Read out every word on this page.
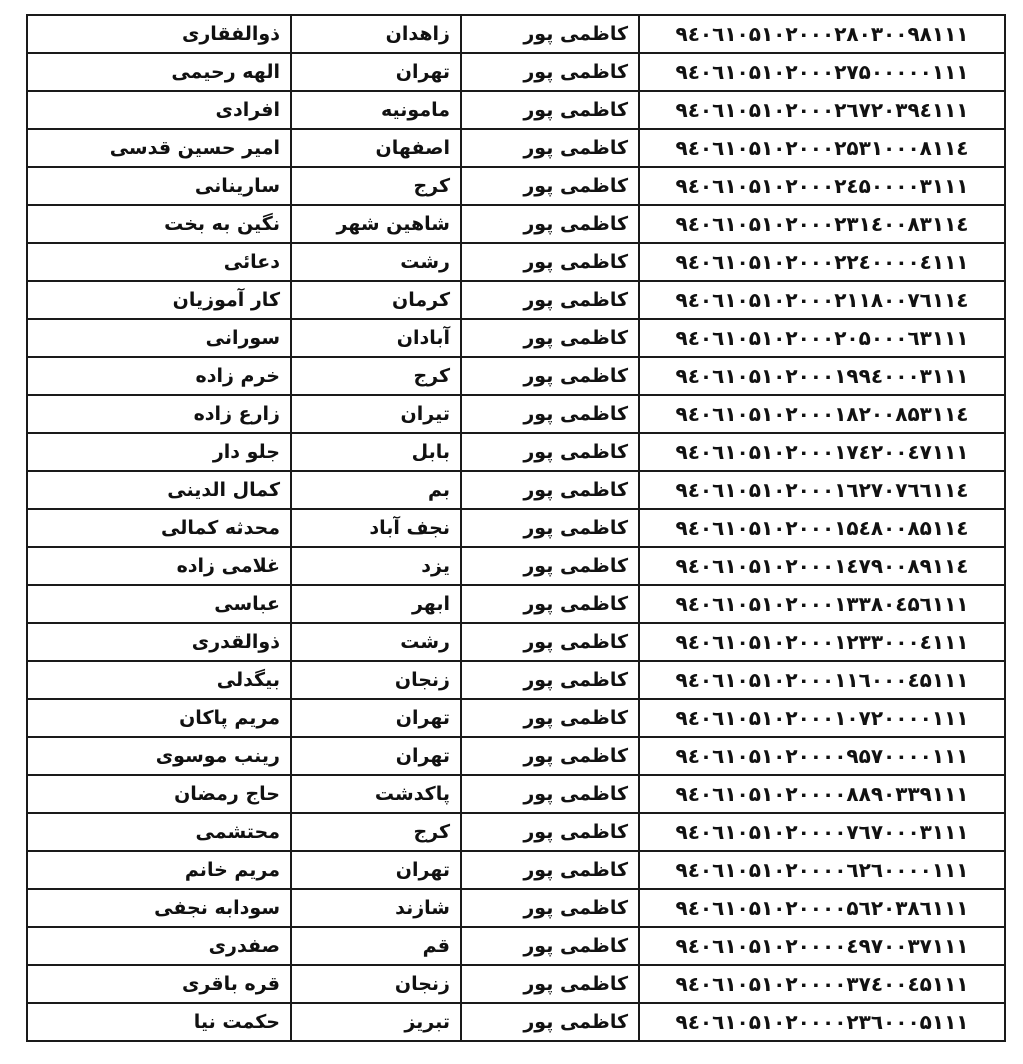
ذوالفقاری	زاهدان	کاظمی پور	۹٤۰٦۱۰۵۱۰۲۰۰۰۲۸۰۳۰۰۹۸۱۱۱
الهه رحیمی	تهران	کاظمی پور	۹٤۰٦۱۰۵۱۰۲۰۰۰۲۷۵۰۰۰۰۰۱۱۱
افرادی	مامونیه	کاظمی پور	۹٤۰٦۱۰۵۱۰۲۰۰۰۲٦۷۲۰۳۹٤۱۱۱
امیر حسین قدسی	اصفهان	کاظمی پور	۹٤۰٦۱۰۵۱۰۲۰۰۰۲۵۳۱۰۰۰۸۱۱٤
سارینانی	کرج	کاظمی پور	۹٤۰٦۱۰۵۱۰۲۰۰۰۲٤۵۰۰۰۰۳۱۱۱
نگین به بخت	شاهین شهر	کاظمی پور	۹٤۰٦۱۰۵۱۰۲۰۰۰۲۳۱٤۰۰۸۳۱۱٤
دعائی	رشت	کاظمی پور	۹٤۰٦۱۰۵۱۰۲۰۰۰۲۲٤۰۰۰۰٤۱۱۱
کار آموزیان	کرمان	کاظمی پور	۹٤۰٦۱۰۵۱۰۲۰۰۰۲۱۱۸۰۰۷٦۱۱٤
سورانی	آبادان	کاظمی پور	۹٤۰٦۱۰۵۱۰۲۰۰۰۲۰۵۰۰۰٦۳۱۱۱
خرم زاده	کرج	کاظمی پور	۹٤۰٦۱۰۵۱۰۲۰۰۰۱۹۹٤۰۰۰۳۱۱۱
زارع زاده	تیران	کاظمی پور	۹٤۰٦۱۰۵۱۰۲۰۰۰۱۸۲۰۰۸۵۳۱۱٤
جلو دار	بابل	کاظمی پور	۹٤۰٦۱۰۵۱۰۲۰۰۰۱۷٤۲۰۰٤۷۱۱۱
کمال الدینی	بم	کاظمی پور	۹٤۰٦۱۰۵۱۰۲۰۰۰۱٦۲۷۰۷٦٦۱۱٤
محدثه کمالی	نجف آباد	کاظمی پور	۹٤۰٦۱۰۵۱۰۲۰۰۰۱۵٤۸۰۰۸۵۱۱٤
غلامی زاده	یزد	کاظمی پور	۹٤۰٦۱۰۵۱۰۲۰۰۰۱٤۷۹۰۰۸۹۱۱٤
عباسی	ابهر	کاظمی پور	۹٤۰٦۱۰۵۱۰۲۰۰۰۱۳۳۸۰٤۵٦۱۱۱
ذوالقدری	رشت	کاظمی پور	۹٤۰٦۱۰۵۱۰۲۰۰۰۱۲۳۳۰۰۰٤۱۱۱
بیگدلی	زنجان	کاظمی پور	۹٤۰٦۱۰۵۱۰۲۰۰۰۱۱٦۰۰۰٤۵۱۱۱
مریم پاکان	تهران	کاظمی پور	۹٤۰٦۱۰۵۱۰۲۰۰۰۱۰۷۲۰۰۰۰۱۱۱
رینب موسوی	تهران	کاظمی پور	۹٤۰٦۱۰۵۱۰۲۰۰۰۰۹۵۷۰۰۰۰۱۱۱
حاج رمضان	پاکدشت	کاظمی پور	۹٤۰٦۱۰۵۱۰۲۰۰۰۰۸۸۹۰۳۳۹۱۱۱
محتشمی	کرج	کاظمی پور	۹٤۰٦۱۰۵۱۰۲۰۰۰۰۷٦۷۰۰۰۳۱۱۱
مریم خانم	تهران	کاظمی پور	۹٤۰٦۱۰۵۱۰۲۰۰۰۰٦۲٦۰۰۰۰۱۱۱
سودابه نجفی	شازند	کاظمی پور	۹٤۰٦۱۰۵۱۰۲۰۰۰۰۵٦۲۰۳۸٦۱۱۱
صفدری	قم	کاظمی پور	۹٤۰٦۱۰۵۱۰۲۰۰۰۰٤۹۷۰۰۳۷۱۱۱
قره باقری	زنجان	کاظمی پور	۹٤۰٦۱۰۵۱۰۲۰۰۰۰۳۷٤۰۰٤۵۱۱۱
حکمت نیا	تبریز	کاظمی پور	۹٤۰٦۱۰۵۱۰۲۰۰۰۰۲۳٦۰۰۰۵۱۱۱
